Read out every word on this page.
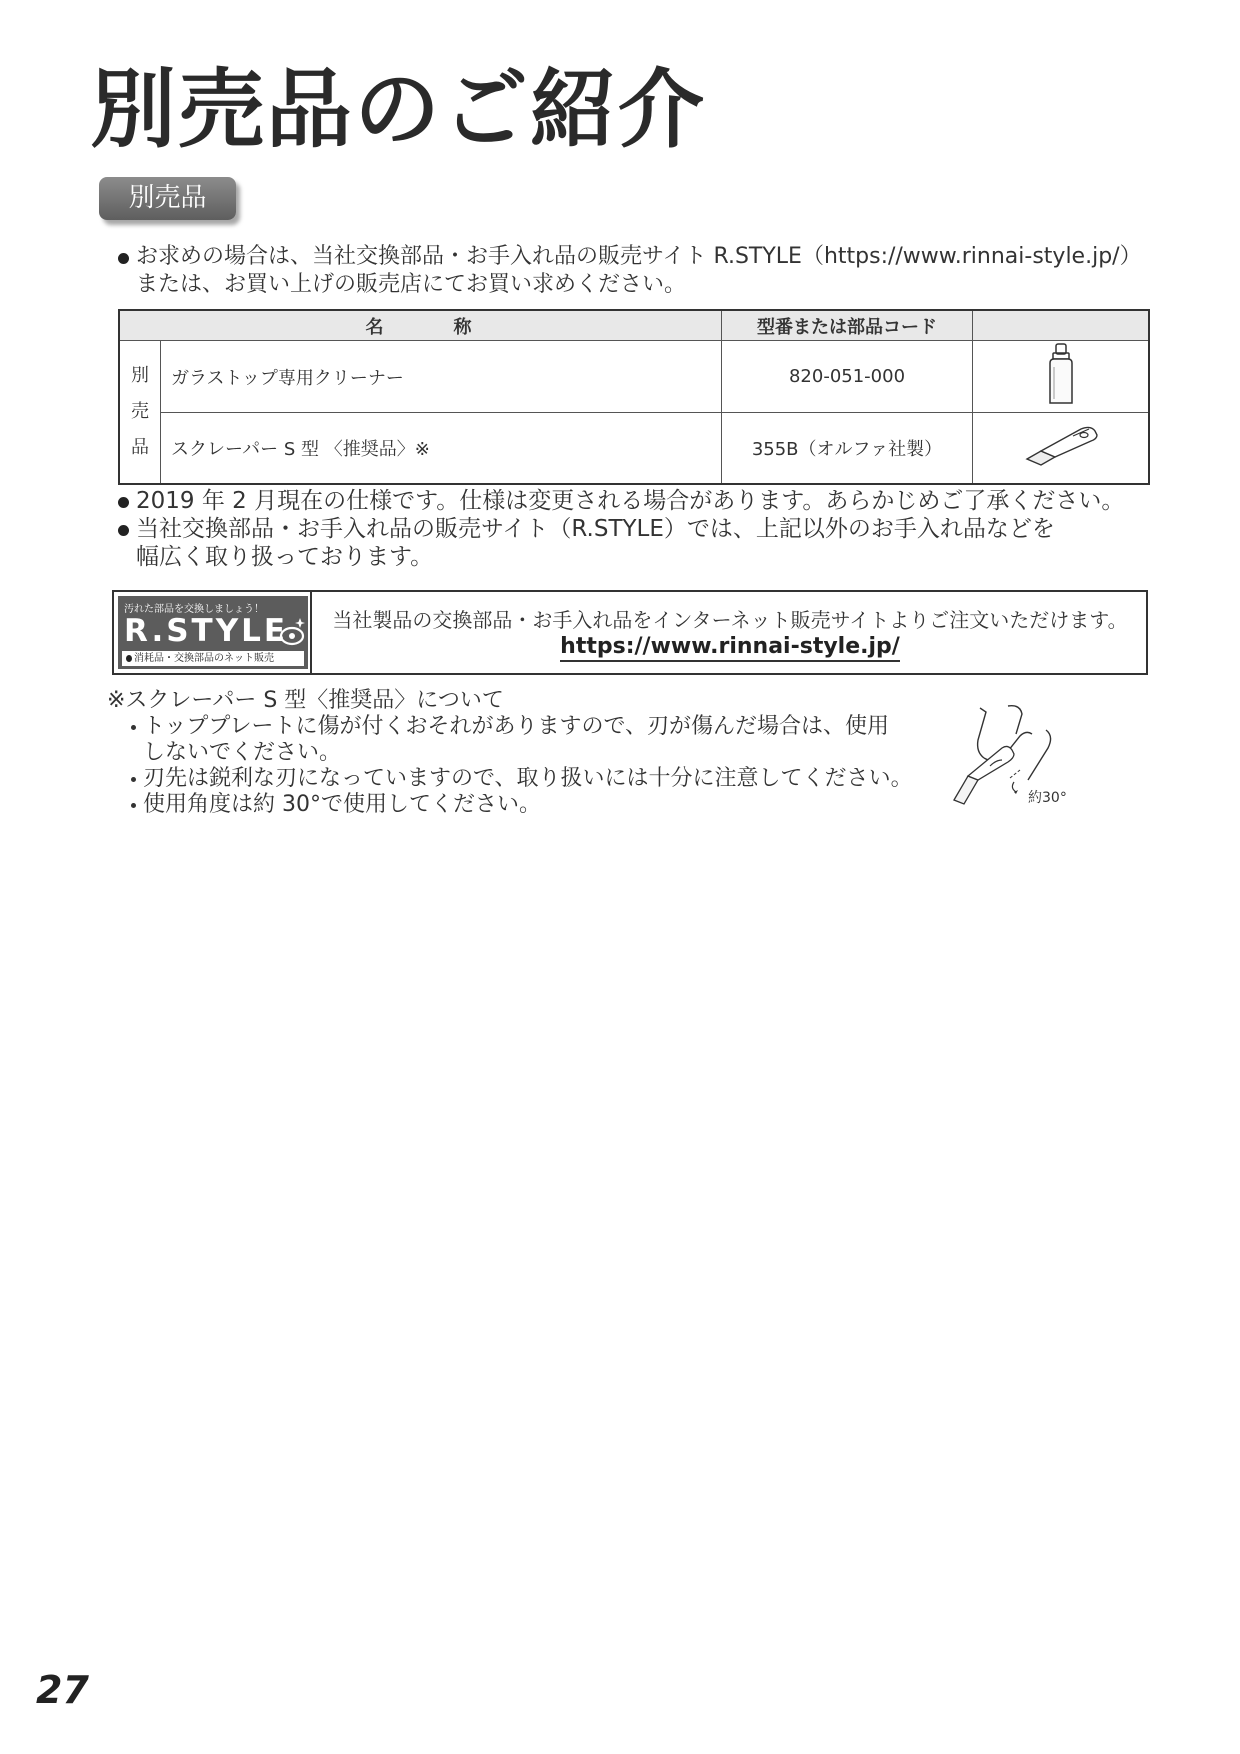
別売品のご紹介
別売品
お求めの場合は、当社交換部品・お手入れ品の販売サイト R.STYLE（https://www.rinnai-style.jp/）
または、お買い上げの販売店にてお買い求めください。
名　　　称		型番または部品コード	

別
売
品	ガラストップ専用クリーナー	820-051-000	
	スクレーパー S 型 〈推奨品〉※	355B（オルファ社製）	
2019 年 2 月現在の仕様です。仕様は変更される場合があります。あらかじめご了承ください。
当社交換部品・お手入れ品の販売サイト（R.STYLE）では、上記以外のお手入れ品などを
幅広く取り扱っております。
汚れた部品を交換しましょう！
R.STYLE
消耗品・交換部品のネット販売
当社製品の交換部品・お手入れ品をインターネット販売サイトよりご注文いただけます。
https://www.rinnai-style.jp/
※スクレーパー S 型〈推奨品〉について
トッププレートに傷が付くおそれがありますので、刃が傷んだ場合は、使用
しないでください。
刃先は鋭利な刃になっていますので、取り扱いには十分に注意してください。
使用角度は約 30°で使用してください。	約30°
27
